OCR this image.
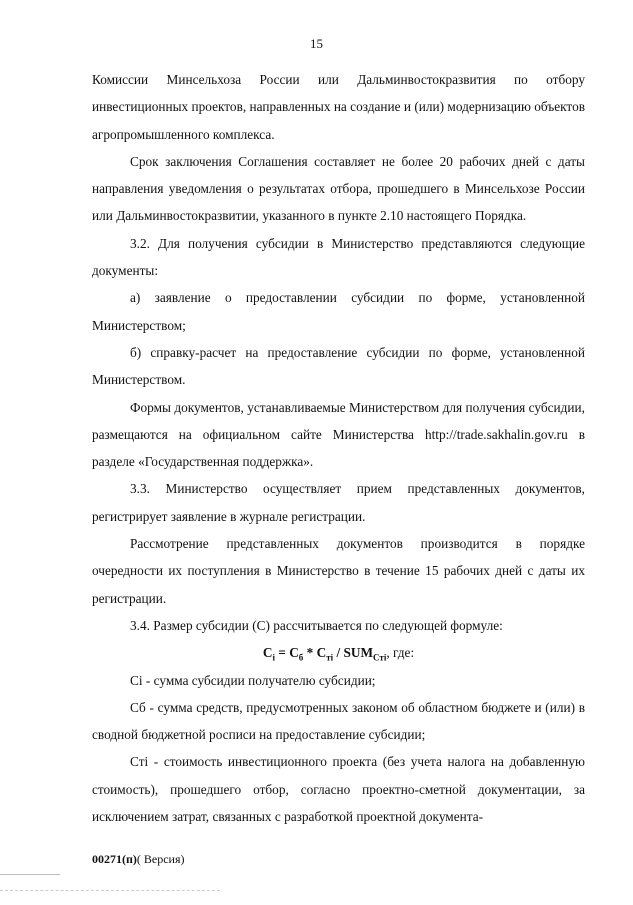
15

Комиссии Минсельхоза России или Дальминвостокразвития по отбору инвестиционных проектов, направленных на создание и (или) модернизацию объектов агропромышленного комплекса.

Срок заключения Соглашения составляет не более 20 рабочих дней с даты направления уведомления о результатах отбора, прошедшего в Минсельхозе России или Дальминвостокразвитии, указанного в пункте 2.10 настоящего Порядка.

3.2. Для получения субсидии в Министерство представляются следующие документы:

а) заявление о предоставлении субсидии по форме, установленной Министерством;

б) справку-расчет на предоставление субсидии по форме, установленной Министерством.

Формы документов, устанавливаемые Министерством для получения субсидии, размещаются на официальном сайте Министерства http://trade.sakhalin.gov.ru в разделе «Государственная поддержка».

3.3. Министерство осуществляет прием представленных документов, регистрирует заявление в журнале регистрации.

Рассмотрение представленных документов производится в порядке очередности их поступления в Министерство в течение 15 рабочих дней с даты их регистрации.

3.4. Размер субсидии (С) рассчитывается по следующей формуле:

$C_i = C_б * C_{тi} / SUM_{Сті}$, где:

Сi - сумма субсидии получателю субсидии;

Сб - сумма средств, предусмотренных законом об областном бюджете и (или) в сводной бюджетной росписи на предоставление субсидии;

Стi - стоимость инвестиционного проекта (без учета налога на добавленную стоимость), прошедшего отбор, согласно проектно-сметной документации, за исключением затрат, связанных с разработкой проектной документа-

00271(п)( Версия)
